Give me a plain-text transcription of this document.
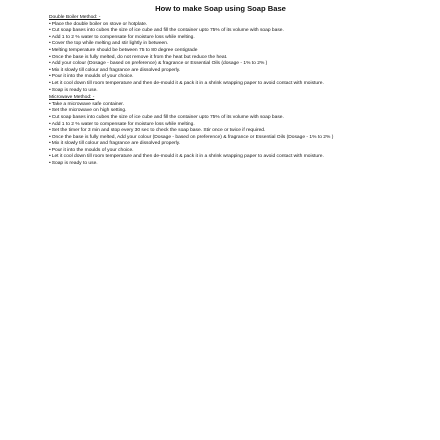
How to make Soap using Soap Base

Double Boiler Method: -

• Place the double boiler on stove or hotplate.
• Cut soap bases into cubes the size of ice cube and fill the container upto 75% of its volume with soap base.
• Add 1 to 2 % water to compensate for moisture loss while melting.
• Cover the top while melting and stir lightly in between.
• Melting temperature should be between 75 to 80 degree centigrade
• Once the base is fully melted, do not remove it from the heat but reduce the heat.
• Add your colour (Dosage - based on preference) & fragrance or Essential Oils (dosage - 1% to 2% )
• Mix it slowly till colour and fragrance are dissolved properly.
• Pour it into the moulds of your choice.
• Let it cool down till room temperature and then de-mould it & pack it in a shrink wrapping paper to avoid contact with moisture.
• Soap is ready to use.

Microwave Method: -

• Take a microwave safe container.
• Set the microwave on high setting.
• Cut soap bases into cubes the size of ice cube and fill the container upto 75% of its volume with soap base.
• Add 1 to 2 % water to compensate for moisture loss while melting.
• Set the timer for 3 min and stop every 30 sec to check the soap base. Stir once or twice if required.
• Once the base is fully melted, Add your colour (Dosage - based on preference) & fragrance or Essential Oils (Dosage - 1% to 2% )
• Mix it slowly till colour and fragrance are dissolved properly.
• Pour it into the moulds of your choice.
• Let it cool down till room temperature and then de-mould it & pack it in a shrink wrapping paper to avoid contact with moisture.
• Soap is ready to use.
